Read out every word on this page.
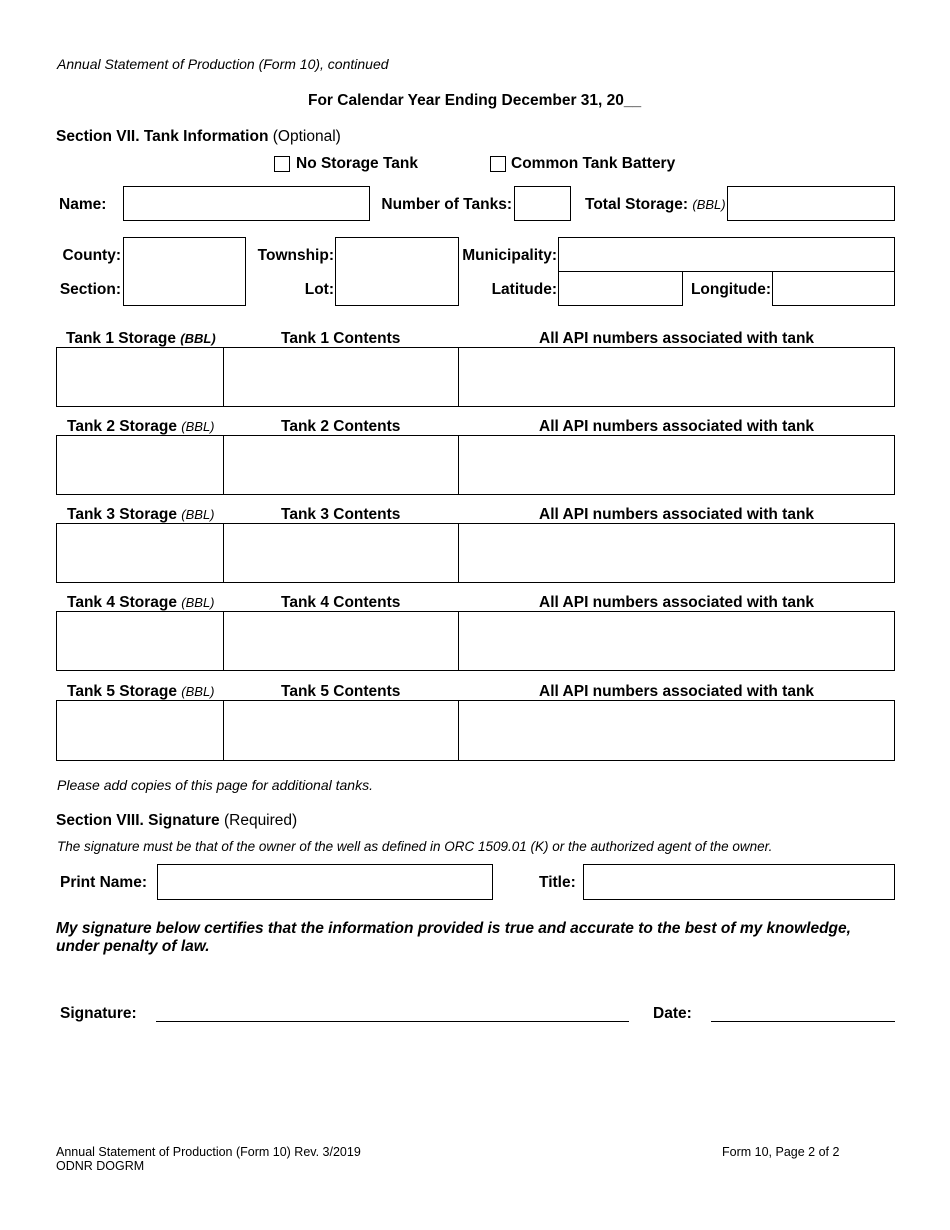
Annual Statement of Production (Form 10), continued
For Calendar Year Ending December 31, 20__
Section VII. Tank Information (Optional)
No Storage Tank	Common Tank Battery
Name:	Number of Tanks:	Total Storage: (BBL)
County:	Township:	Municipality:
Section:	Lot:	Latitude:	Longitude:
Tank 1 Storage (BBL)	Tank 1 Contents	All API numbers associated with tank
Tank 2 Storage (BBL)	Tank 2 Contents	All API numbers associated with tank
Tank 3 Storage (BBL)	Tank 3 Contents	All API numbers associated with tank
Tank 4 Storage (BBL)	Tank 4 Contents	All API numbers associated with tank
Tank 5 Storage (BBL)	Tank 5 Contents	All API numbers associated with tank
Please add copies of this page for additional tanks.
Section VIII. Signature (Required)
The signature must be that of the owner of the well as defined in ORC 1509.01 (K) or the authorized agent of the owner.
Print Name:	Title:
My signature below certifies that the information provided is true and accurate to the best of my knowledge, under penalty of law.
Signature:	Date:
Annual Statement of Production (Form 10) Rev. 3/2019
ODNR DOGRM
Form 10, Page 2 of 2
